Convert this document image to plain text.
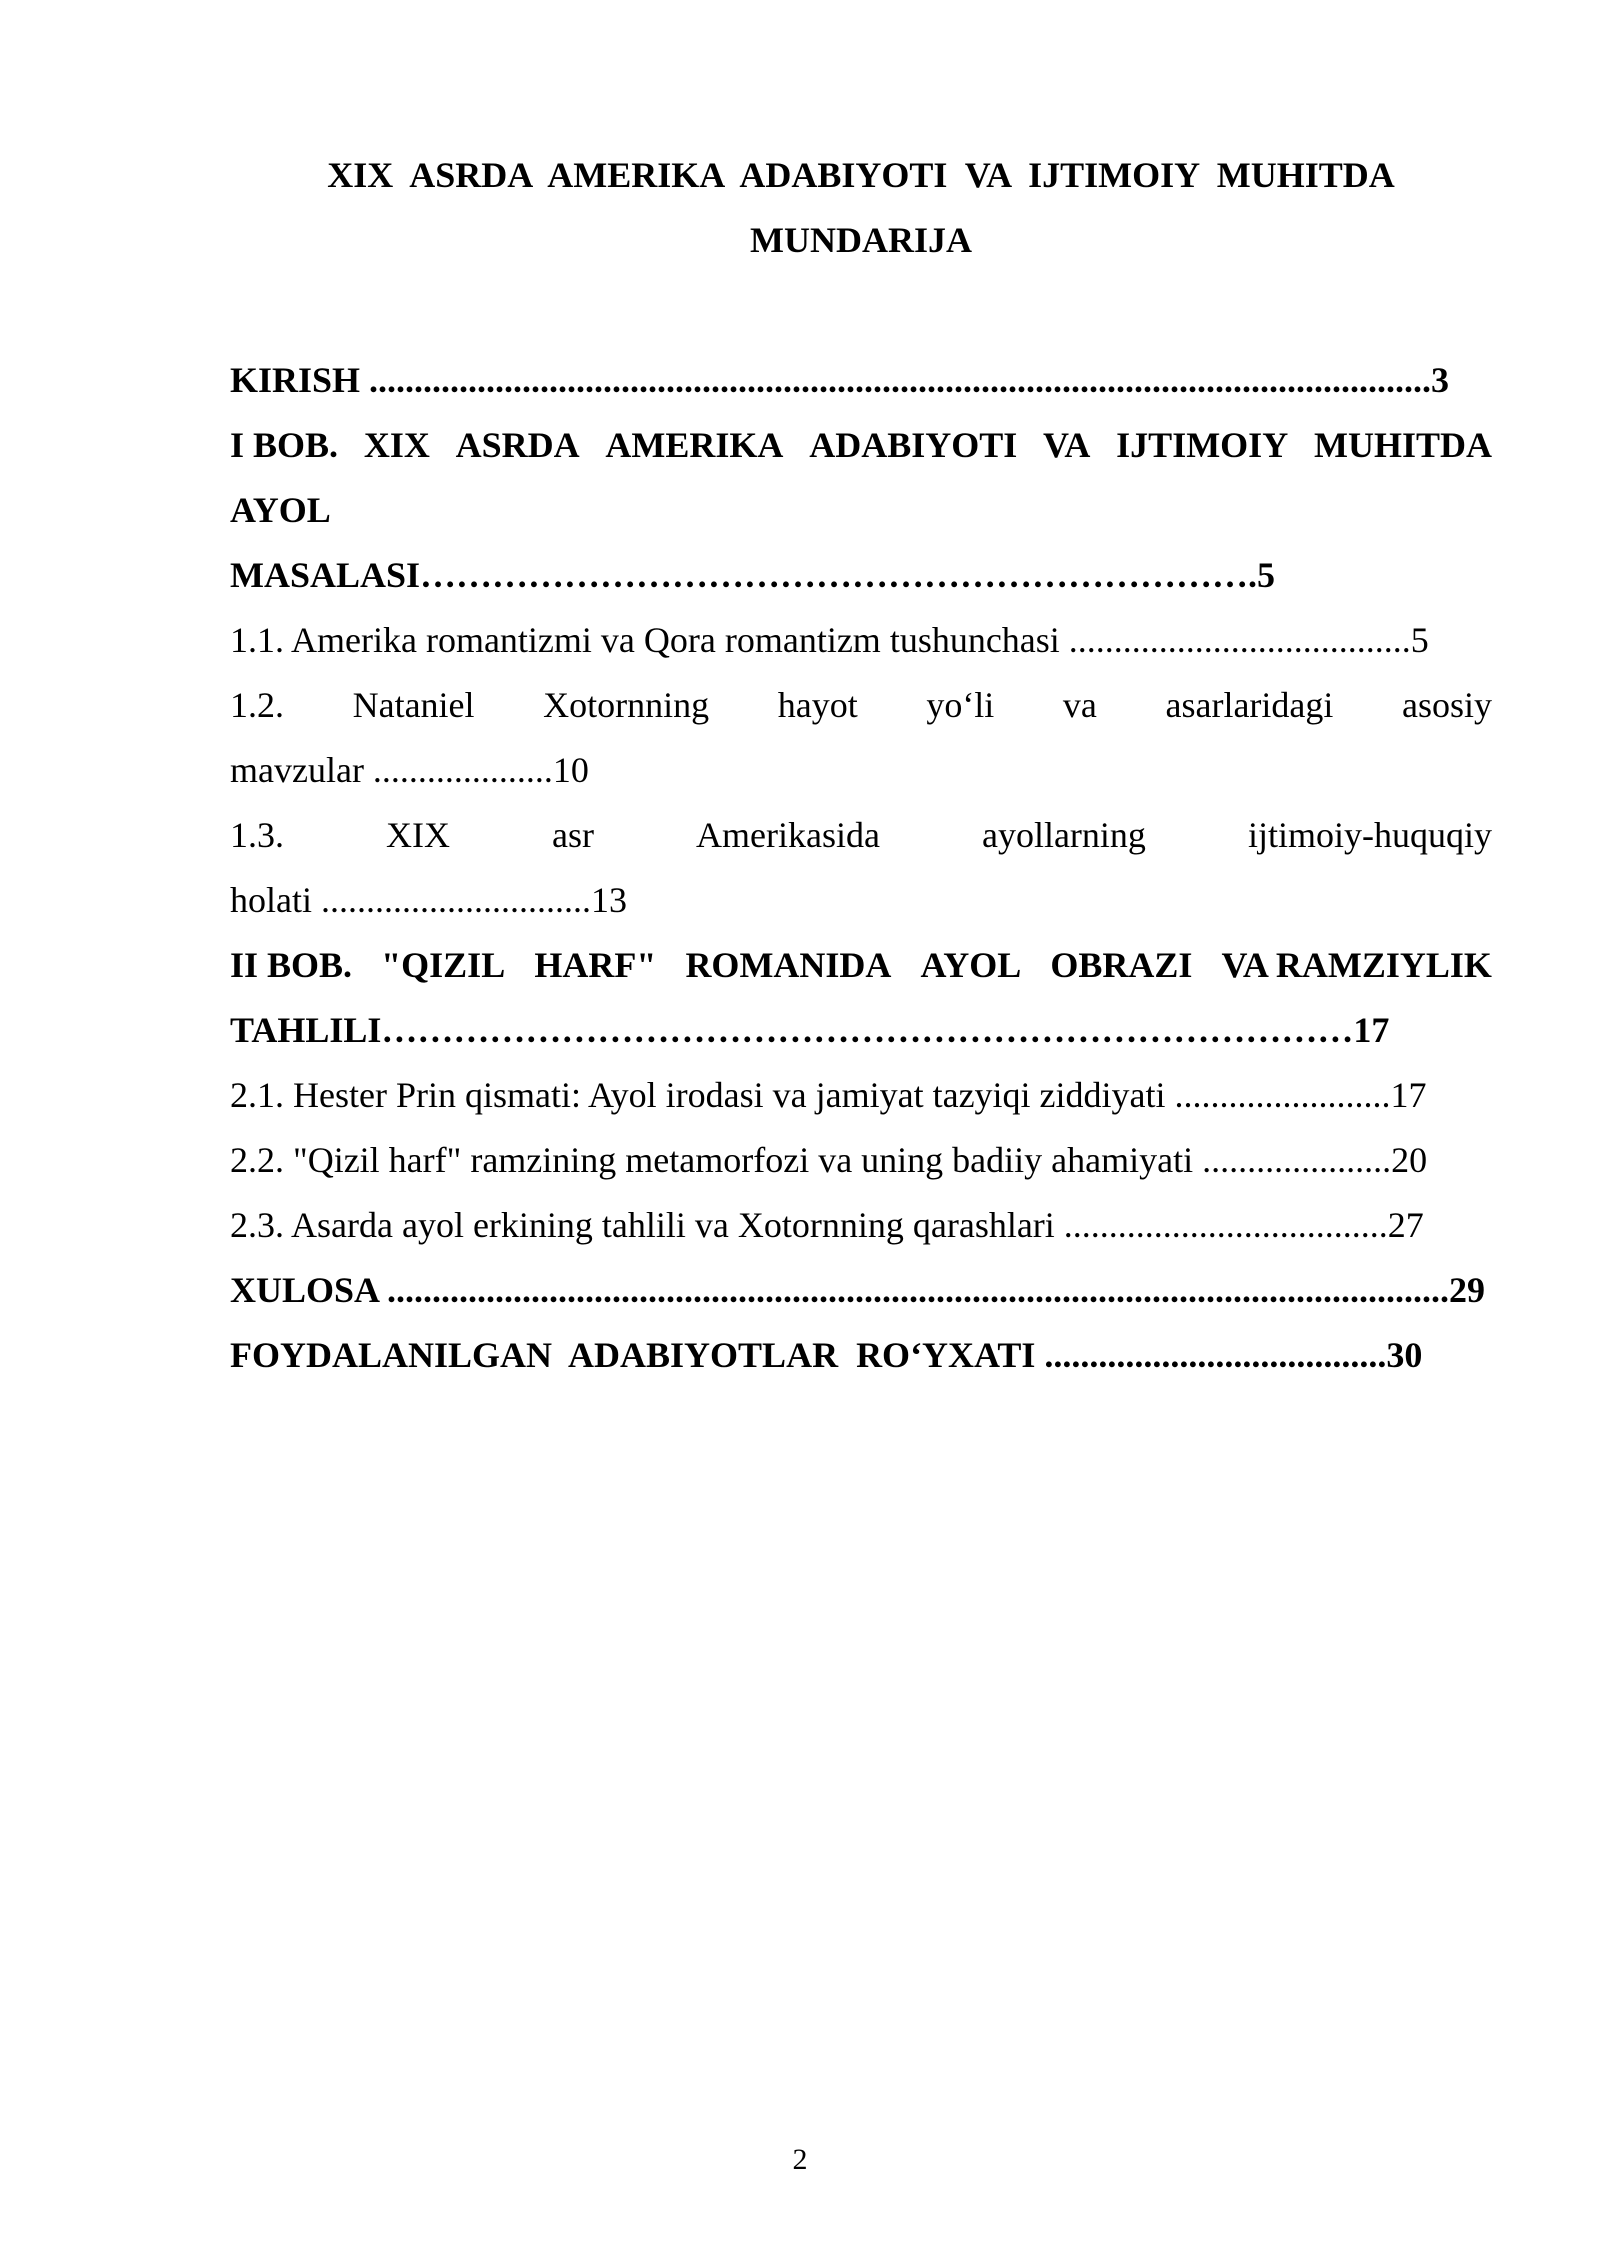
XIX  ASRDA  AMERIKA  ADABIYOTI  VA  IJTIMOIY  MUHITDA
MUNDARIJA
KIRISH ......................................................................................................................3
I BOB. XIX ASRDA AMERIKA ADABIYOTI VA IJTIMOIY MUHITDA
AYOL
MASALASI…………………………………………………………….5
1.1. Amerika romantizmi va Qora romantizm tushunchasi ......................................5
1.2. Nataniel Xotornning hayot yo‘li va asarlaridagi asosiy
mavzular ....................10
1.3.	XIX	asr	Amerikasida	ayollarning	ijtimoiy-huquqiy
holati ..............................13
II BOB. "QIZIL HARF" ROMANIDA AYOL OBRAZI VA RAMZIYLIK
TAHLILI………………………………………………………………………17
2.1. Hester Prin qismati: Ayol irodasi va jamiyat tazyiqi ziddiyati ........................17
2.2. "Qizil harf" ramzining metamorfozi va uning badiiy ahamiyati .....................20
2.3. Asarda ayol erkining tahlili va Xotornning qarashlari ....................................27
XULOSA ......................................................................................................................29
FOYDALANILGAN  ADABIYOTLAR  RO‘YXATI ......................................30
2
